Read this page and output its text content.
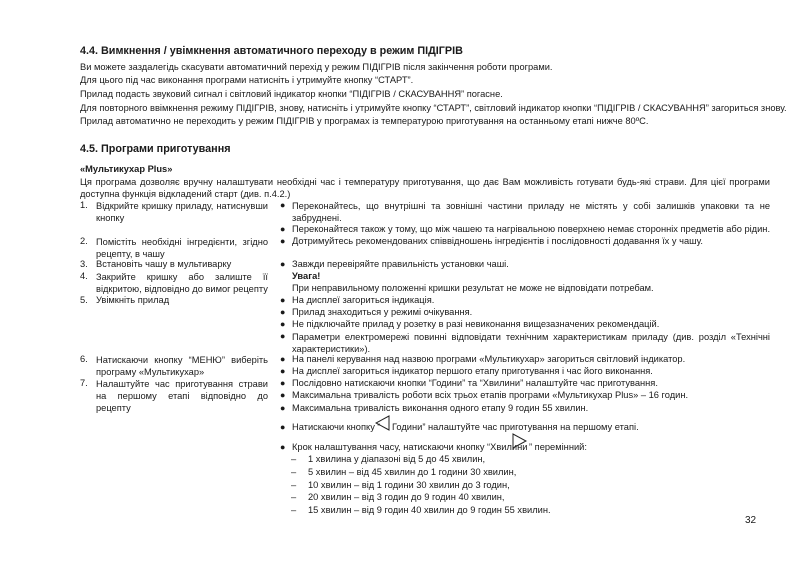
4.4. Вимкнення / увімкнення автоматичного переходу в режим ПІДІГРІВ
Ви можете заздалегідь скасувати автоматичний перехід у режим ПІДІГРІВ після закінчення роботи програми.
Для цього під час виконання програми натисніть і утримуйте кнопку “СТАРТ”.
Прилад подасть звуковий сигнал і світловий індикатор кнопки “ПІДІГРІВ / СКАСУВАННЯ” погасне.
Для повторного ввімкнення режиму ПІДІГРІВ, знову, натисніть і утримуйте кнопку “СТАРТ”, світловий індикатор кнопки “ПІДІГРІВ / СКАСУВАННЯ” загориться знову.
Прилад автоматично не переходить у режим ПІДІГРІВ у програмах із температурою приготування на останньому етапі нижче 80ºС.
4.5. Програми приготування
«Мультикухар Plus»
Ця програма дозволяє вручну налаштувати необхідні час і температуру приготування, що дає Вам можливість готувати будь-які страви. Для цієї програми доступна функція відкладений старт (див. п.4.2.)
1. Відкрийте кришку приладу, натиснувши кнопку
2. Помістіть необхідні інгредієнти, згідно рецепту, в чашу
3. Встановіть чашу в мультиварку
4. Закрийте кришку або залиште її відкритою, відповідно до вимог рецепту
5. Увімкніть прилад
6. Натискаючи кнопку “МЕНЮ” виберіть програму «Мультикухар»
7. Налаштуйте час приготування страви на першому етапі відповідно до рецепту
● Переконайтесь, що внутрішні та зовнішні частини приладу не містять у собі залишків упаковки та не забруднені.
● Переконайтеся також у тому, що між чашею та нагрівальною поверхнею немає сторонніх предметів або рідин.
● Дотримуйтесь рекомендованих співвідношень інгредієнтів і послідовності додавання їх у чашу.
● Завжди перевіряйте правильність установки чаші.
Увага!
При неправильному положенні кришки результат не може не відповідати потребам.
● На дисплеї загориться індикація.
● Прилад знаходиться у режимі очікування.
● Не підключайте прилад у розетку в разі невиконання вищезазначених рекомендацій.
● Параметри електромережі повинні відповідати технічним характеристикам приладу (див. розділ «Технічні характеристики»).
● На панелі керування над назвою програми «Мультикухар» загориться світловий індикатор.
● На дисплеї загориться індикатор першого етапу приготування і час його виконання.
● Послідовно натискаючи кнопки “Години” та “Хвилини” налаштуйте час приготування.
● Максимальна тривалість роботи всіх трьох етапів програми «Мультикухар Plus» – 16 годин.
● Максимальна тривалість виконання одного етапу 9 годин 55 хвилин.
● Натискаючи кнопку “ Години” налаштуйте час приготування на першому етапі.
● Крок налаштування часу, натискаючи кнопку “Хвилини ” перемінний:
– 1 хвилина у діапазоні від 5 до 45 хвилин,
– 5 хвилин – від 45 хвилин до 1 години 30 хвилин,
– 10 хвилин – від 1 години 30 хвилин до 3 годин,
– 20 хвилин – від 3 годин до 9 годин 40 хвилин,
– 15 хвилин – від 9 годин 40 хвилин до 9 годин 55 хвилин.
32
